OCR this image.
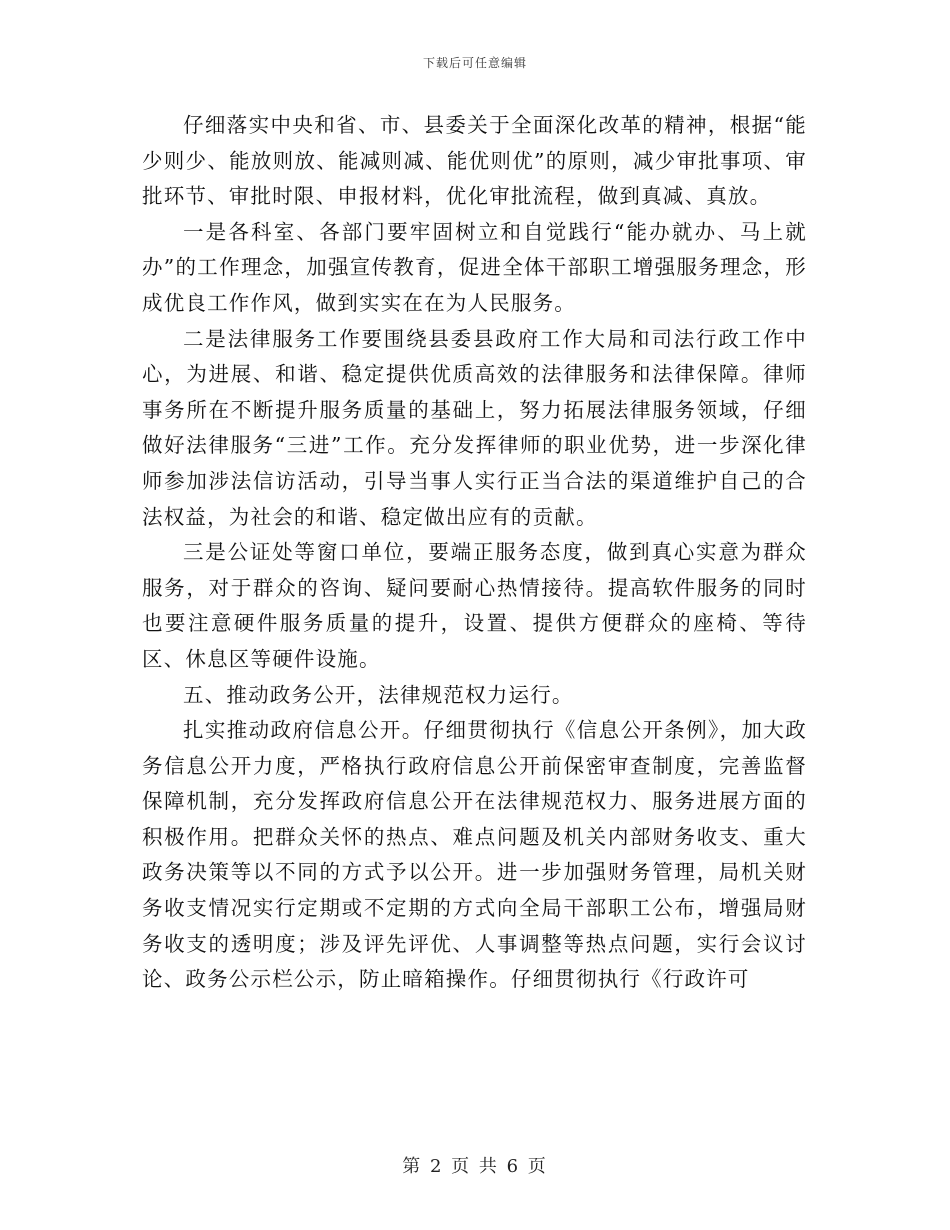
下载后可任意编辑

仔细落实中央和省、市、县委关于全面深化改革的精神，根据“能少则少、能放则放、能减则减、能优则优”的原则，减少审批事项、审批环节、审批时限、申报材料，优化审批流程，做到真减、真放。

一是各科室、各部门要牢固树立和自觉践行“能办就办、马上就办”的工作理念，加强宣传教育，促进全体干部职工增强服务理念，形成优良工作作风，做到实实在在为人民服务。

二是法律服务工作要围绕县委县政府工作大局和司法行政工作中心，为进展、和谐、稳定提供优质高效的法律服务和法律保障。律师事务所在不断提升服务质量的基础上，努力拓展法律服务领域，仔细做好法律服务“三进”工作。充分发挥律师的职业优势，进一步深化律师参加涉法信访活动，引导当事人实行正当合法的渠道维护自己的合法权益，为社会的和谐、稳定做出应有的贡献。

三是公证处等窗口单位，要端正服务态度，做到真心实意为群众服务，对于群众的咨询、疑问要耐心热情接待。提高软件服务的同时也要注意硬件服务质量的提升，设置、提供方便群众的座椅、等待区、休息区等硬件设施。

五、推动政务公开，法律规范权力运行。

扎实推动政府信息公开。仔细贯彻执行《信息公开条例》，加大政务信息公开力度，严格执行政府信息公开前保密审查制度，完善监督保障机制，充分发挥政府信息公开在法律规范权力、服务进展方面的积极作用。把群众关怀的热点、难点问题及机关内部财务收支、重大政务决策等以不同的方式予以公开。进一步加强财务管理，局机关财务收支情况实行定期或不定期的方式向全局干部职工公布，增强局财务收支的透明度；涉及评先评优、人事调整等热点问题，实行会议讨论、政务公示栏公示，防止暗箱操作。仔细贯彻执行《行政许可

第 2 页 共 6 页
